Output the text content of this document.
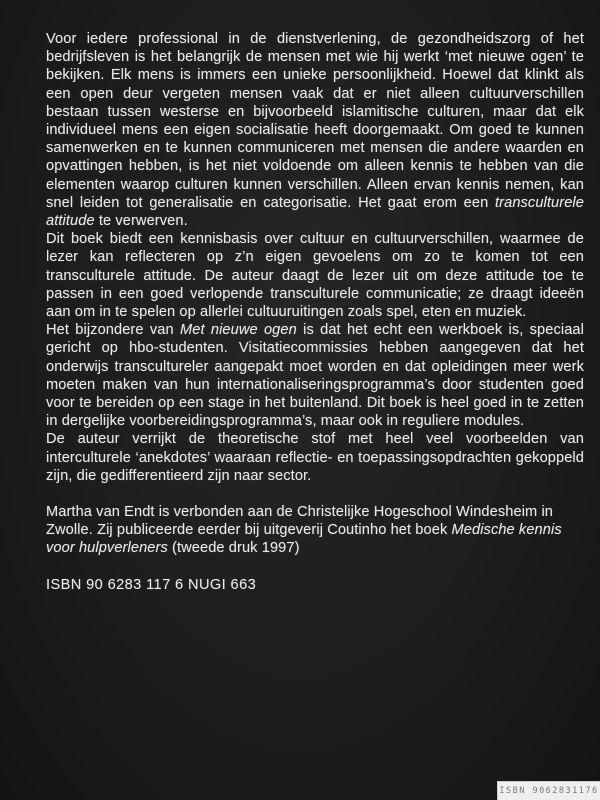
Voor iedere professional in de dienstverlening, de gezondheidszorg of het bedrijfsleven is het belangrijk de mensen met wie hij werkt ‘met nieuwe ogen’ te bekijken. Elk mens is immers een unieke persoonlijkheid. Hoewel dat klinkt als een open deur vergeten mensen vaak dat er niet alleen cultuurverschillen bestaan tussen westerse en bijvoorbeeld islamitische culturen, maar dat elk individueel mens een eigen socialisatie heeft doorgemaakt. Om goed te kunnen samenwerken en te kunnen communiceren met mensen die andere waarden en opvattingen hebben, is het niet voldoende om alleen kennis te hebben van die elementen waarop culturen kunnen verschillen. Alleen ervan kennis nemen, kan snel leiden tot generalisatie en categorisatie. Het gaat erom een transculturele attitude te verwerven.

Dit boek biedt een kennisbasis over cultuur en cultuurverschillen, waarmee de lezer kan reflecteren op z’n eigen gevoelens om zo te komen tot een transculturele attitude. De auteur daagt de lezer uit om deze attitude toe te passen in een goed verlopende transculturele communicatie; ze draagt ideeën aan om in te spelen op allerlei cultuuruitingen zoals spel, eten en muziek.

Het bijzondere van Met nieuwe ogen is dat het echt een werkboek is, speciaal gericht op hbo-studenten. Visitatiecommissies hebben aangegeven dat het onderwijs transcultureler aangepakt moet worden en dat opleidingen meer werk moeten maken van hun internationaliseringsprogramma’s door studenten goed voor te bereiden op een stage in het buitenland. Dit boek is heel goed in te zetten in dergelijke voorbereidingsprogramma’s, maar ook in reguliere modules.

De auteur verrijkt de theoretische stof met heel veel voorbeelden van interculturele ‘anekdotes’ waaraan reflectie- en toepassingsopdrachten gekoppeld zijn, die gedifferentieerd zijn naar sector.

Martha van Endt is verbonden aan de Christelijke Hogeschool Windesheim in Zwolle. Zij publiceerde eerder bij uitgeverij Coutinho het boek Medische kennis voor hulpverleners (tweede druk 1997)

ISBN 90 6283 117 6 NUGI 663

ISBN 9062831176
